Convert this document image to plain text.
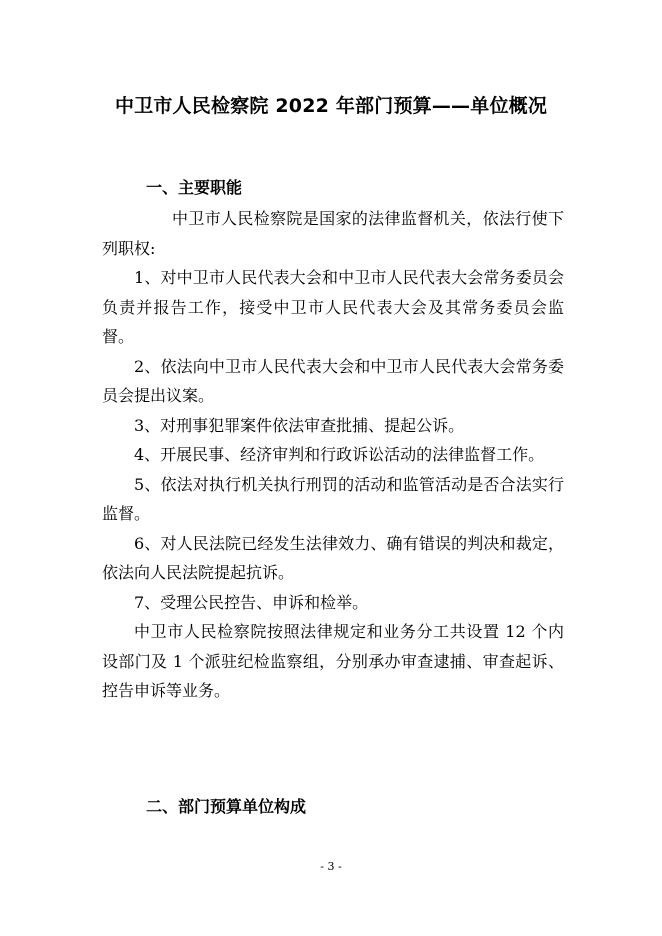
中卫市人民检察院 2022 年部门预算——单位概况
一、主要职能

中卫市人民检察院是国家的法律监督机关，依法行使下列职权:

1、对中卫市人民代表大会和中卫市人民代表大会常务委员会负责并报告工作，接受中卫市人民代表大会及其常务委员会监督。

2、依法向中卫市人民代表大会和中卫市人民代表大会常务委员会提出议案。

3、对刑事犯罪案件依法审查批捕、提起公诉。

4、开展民事、经济审判和行政诉讼活动的法律监督工作。

5、依法对执行机关执行刑罚的活动和监管活动是否合法实行监督。

6、对人民法院已经发生法律效力、确有错误的判决和裁定，依法向人民法院提起抗诉。

7、受理公民控告、申诉和检举。

中卫市人民检察院按照法律规定和业务分工共设置 12 个内设部门及 1 个派驻纪检监察组，分别承办审查逮捕、审查起诉、控告申诉等业务。

二、部门预算单位构成
- 3 -
